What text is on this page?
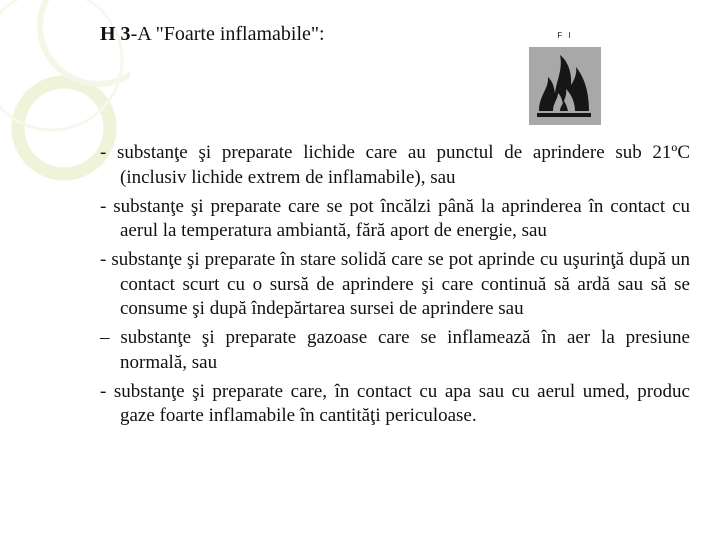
H 3-A "Foarte inflamabile":	F I

- substanţe şi preparate lichide care au punctul de aprindere sub 21ºC (inclusiv lichide extrem de inflamabile), sau

- substanţe şi preparate care se pot încălzi până la aprinderea în contact cu aerul la temperatura ambiantă, fără aport de energie, sau

- substanţe şi preparate în stare solidă care se pot aprinde cu uşurinţă după un contact scurt cu o sursă de aprindere şi care continuă să ardă sau să se consume şi după îndepărtarea sursei de aprindere sau

– substanţe şi preparate gazoase care se inflamează în aer la presiune normală, sau

- substanţe şi preparate care, în contact cu apa sau cu aerul umed, produc gaze foarte inflamabile în cantităţi periculoase.
